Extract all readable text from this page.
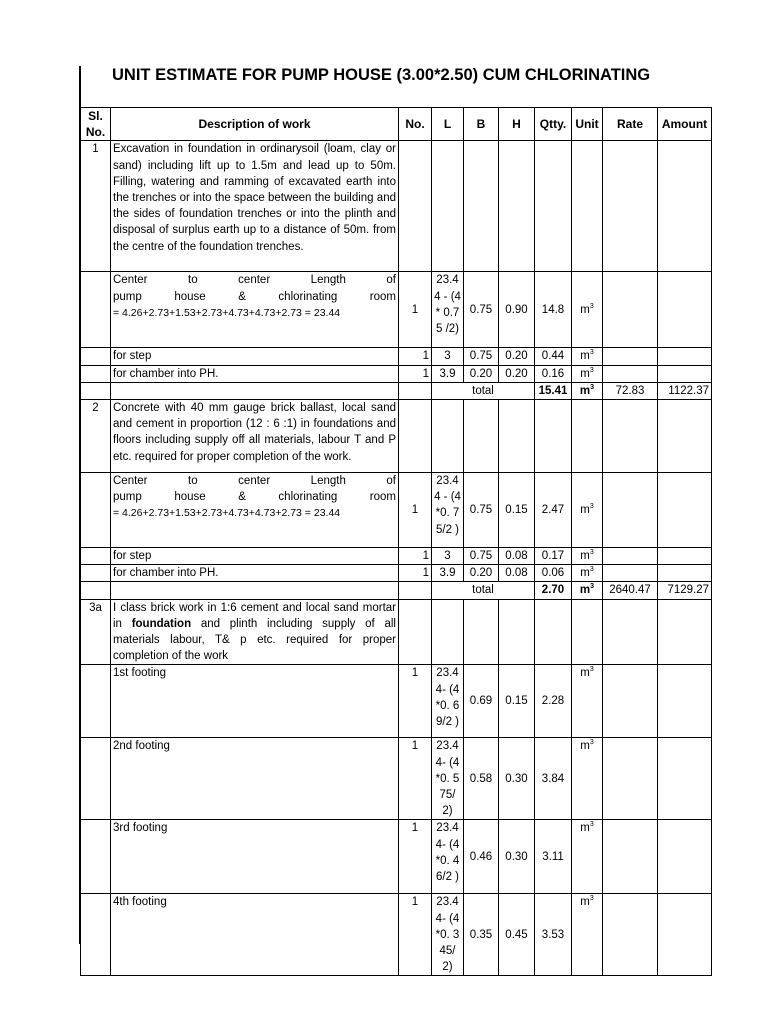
UNIT ESTIMATE FOR PUMP HOUSE (3.00*2.50) CUM CHLORINATING
Sl.
No.	Description of work	No.	L	B	H	Qtty.	Unit	Rate	Amount
1	Excavation in foundation in ordinarysoil (loam, clay or sand) including lift up to 1.5m and lead up to 50m. Filling, watering and ramming of excavated earth into the trenches or into the space between the building and the sides of foundation trenches or into the plinth and disposal of surplus earth up to a distance of 50m. from the centre of the foundation trenches.								

	Center to center Length of
pump house & chlorinating room
= 4.26+2.73+1.53+2.73+4.73+4.73+2.73 = 23.44	1	23.4 4 - (4* 0.75 /2)	0.75	0.90	14.8	$m^3$		
	for step	1	3	0.75	0.20	0.44	$m^3$		
	for chamber into PH.	1	3.9	0.20	0.20	0.16	$m^3$		
			total			15.41	$m^3$	72.83	1122.37
2	Concrete with 40 mm gauge brick ballast, local sand and cement in proportion (12 : 6 :1) in foundations and floors including supply off all materials, labour T and P etc. required for proper completion of the work.								

	Center to center Length of
pump house & chlorinating room
= 4.26+2.73+1.53+2.73+4.73+4.73+2.73 = 23.44	1	23.4 4 - (4*0. 75/2 )	0.75	0.15	2.47	$m^3$		
	for step	1	3	0.75	0.08	0.17	$m^3$		
	for chamber into PH.	1	3.9	0.20	0.08	0.06	$m^3$		
			total			2.70	$m^3$	2640.47	7129.27
3a	I class brick work in 1:6 cement and local sand mortar in foundation and plinth including supply of all materials labour, T& p etc. required for proper completion of the work								
	1st footing	1	23.4 4- (4*0. 69/2 )	0.69	0.15	2.28	$m^3$		
	2nd footing	1	23.4 4- (4*0. 575/ 2)	0.58	0.30	3.84	$m^3$		
	3rd footing	1	23.4 4- (4*0. 46/2 )	0.46	0.30	3.11	$m^3$		
	4th footing	1	23.4 4- (4*0. 345/ 2)	0.35	0.45	3.53	$m^3$		
